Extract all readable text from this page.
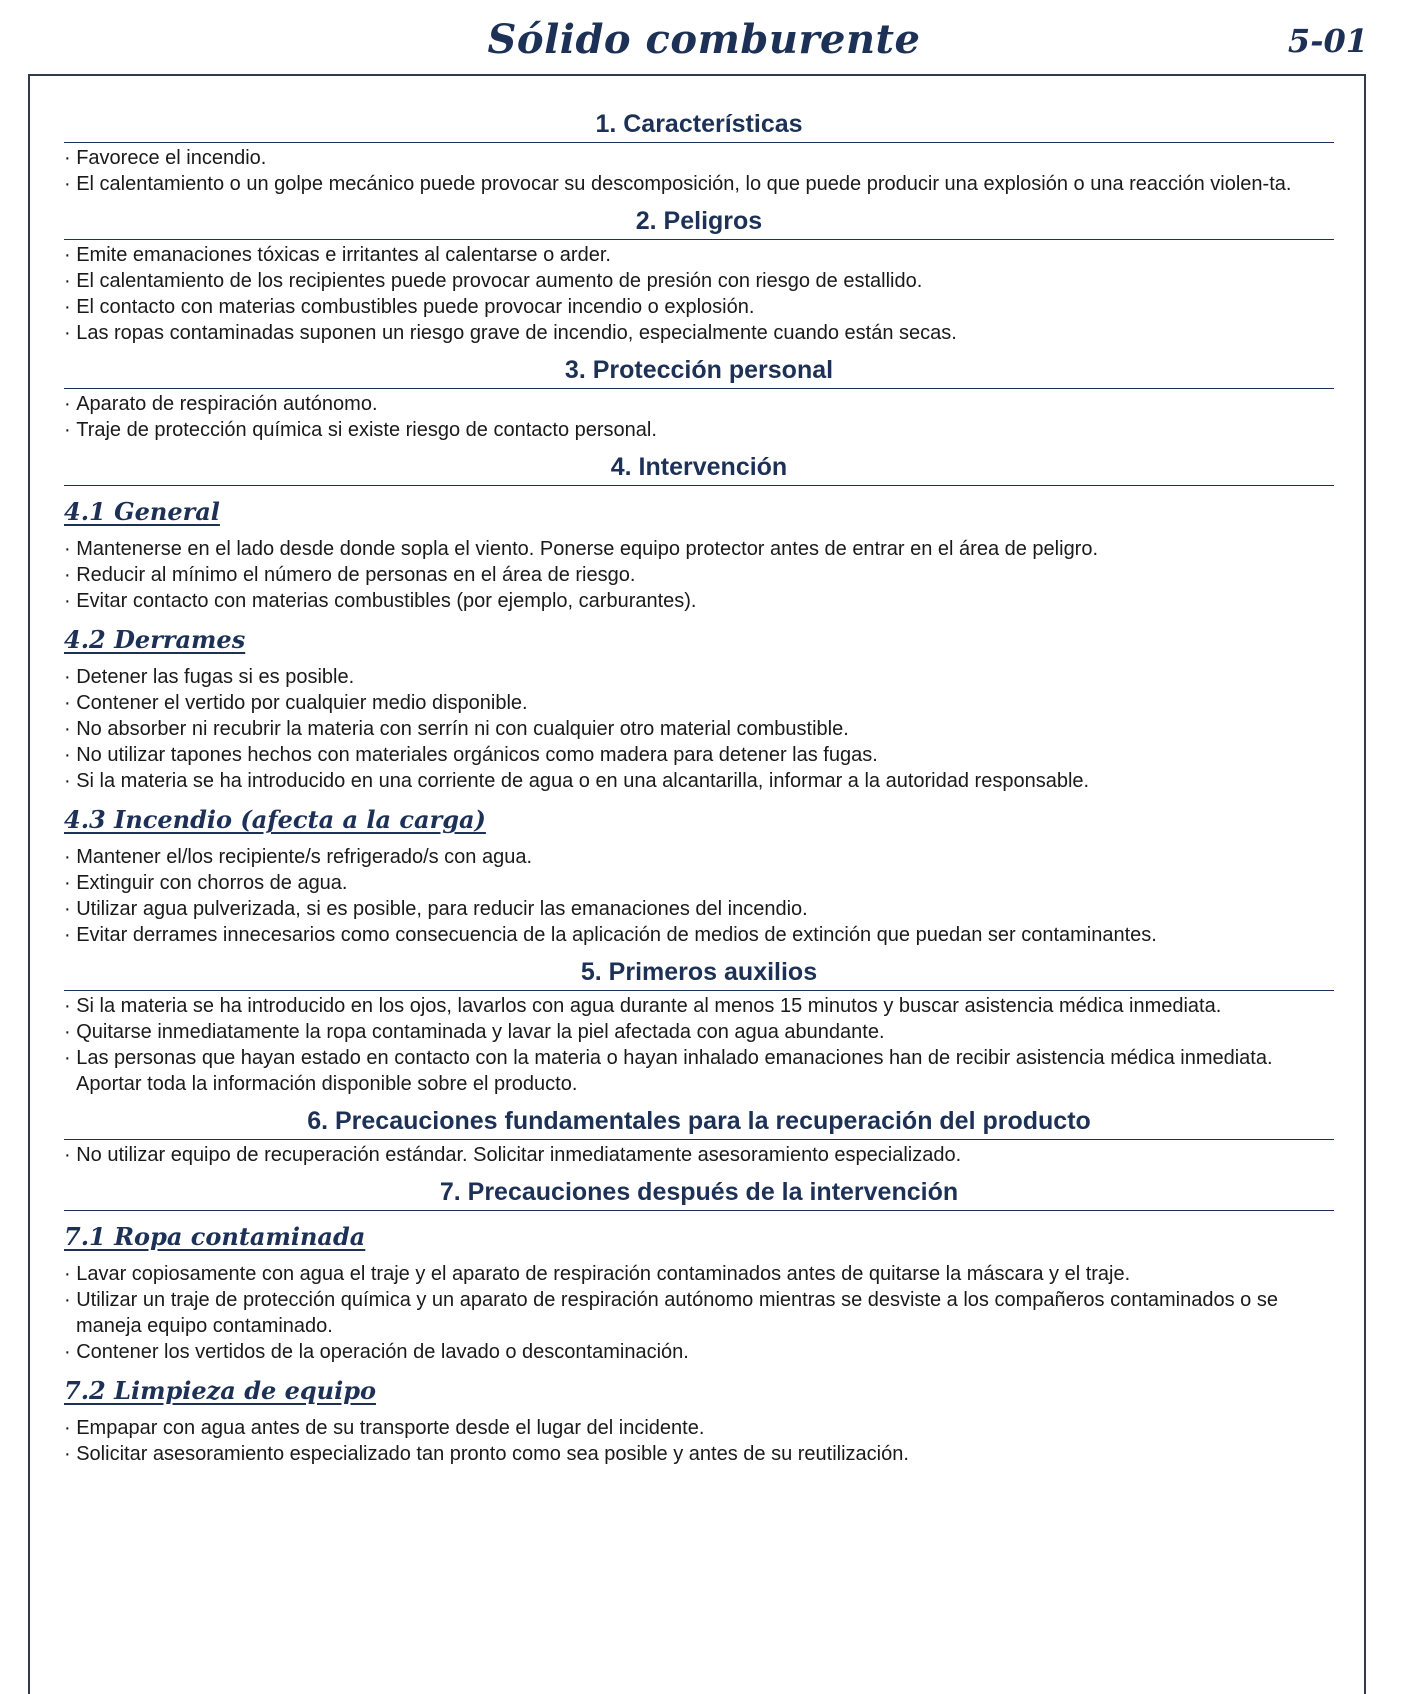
Sólido comburente	5-01
1. Características
· Favorece el incendio.
· El calentamiento o un golpe mecánico puede provocar su descomposición, lo que puede producir una explosión o una reacción violen-ta.
2. Peligros
· Emite emanaciones tóxicas e irritantes al calentarse o arder.
· El calentamiento de los recipientes puede provocar aumento de presión con riesgo de estallido.
· El contacto con materias combustibles puede provocar incendio o explosión.
· Las ropas contaminadas suponen un riesgo grave de incendio, especialmente cuando están secas.
3. Protección personal
· Aparato de respiración autónomo.
· Traje de protección química si existe riesgo de contacto personal.
4. Intervención
4.1 General
· Mantenerse en el lado desde donde sopla el viento. Ponerse equipo protector antes de entrar en el área de peligro.
· Reducir al mínimo el número de personas en el área de riesgo.
· Evitar contacto con materias combustibles (por ejemplo, carburantes).
4.2 Derrames
· Detener las fugas si es posible.
· Contener el vertido por cualquier medio disponible.
· No absorber ni recubrir la materia con serrín ni con cualquier otro material combustible.
· No utilizar tapones hechos con materiales orgánicos como madera para detener las fugas.
· Si la materia se ha introducido en una corriente de agua o en una alcantarilla, informar a la autoridad responsable.
4.3 Incendio (afecta a la carga)
· Mantener el/los recipiente/s refrigerado/s con agua.
· Extinguir con chorros de agua.
· Utilizar agua pulverizada, si es posible, para reducir las emanaciones del incendio.
· Evitar derrames innecesarios como consecuencia de la aplicación de medios de extinción que puedan ser contaminantes.
5. Primeros auxilios
· Si la materia se ha introducido en los ojos, lavarlos con agua durante al menos 15 minutos y buscar asistencia médica inmediata.
· Quitarse inmediatamente la ropa contaminada y lavar la piel afectada con agua abundante.
· Las personas que hayan estado en contacto con la materia o hayan inhalado emanaciones han de recibir asistencia médica inmediata. Aportar toda la información disponible sobre el producto.
6. Precauciones fundamentales para la recuperación del producto
· No utilizar equipo de recuperación estándar. Solicitar inmediatamente asesoramiento especializado.
7. Precauciones después de la intervención
7.1 Ropa contaminada
· Lavar copiosamente con agua el traje y el aparato de respiración contaminados antes de quitarse la máscara y el traje.
· Utilizar un traje de protección química y un aparato de respiración autónomo mientras se desviste a los compañeros contaminados o se maneja equipo contaminado.
· Contener los vertidos de la operación de lavado o descontaminación.
7.2 Limpieza de equipo
· Empapar con agua antes de su transporte desde el lugar del incidente.
· Solicitar asesoramiento especializado tan pronto como sea posible y antes de su reutilización.
